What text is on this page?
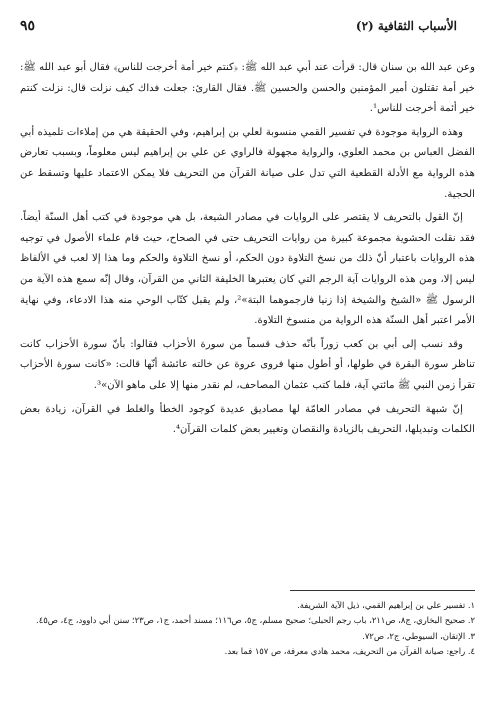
الأسباب الثقافية (٢)
٩٥

وعن عبد الله بن سنان قال: قرأت عند أبي عبد الله ﷺ: ﴿كنتم خير أمة أخرجت للناس﴾ فقال أبو عبد الله ﷺ: خير أمة تقتلون أمير المؤمنين والحسن والحسين ﷺ. فقال القارئ: جعلت فداك كيف نزلت قال: نزلت كنتم خير أئمة أخرجت للناس¹.

وهذه الرواية موجودة في تفسير القمي منسوبة لعلي بن إبراهيم، وفي الحقيقة هي من إملاءات تلميذه أبي الفضل العباس بن محمد العلوي، والرواية مجهولة فالراوي عن علي بن إبراهيم ليس معلوماً، وبسبب تعارض هذه الرواية مع الأدلة القطعية التي تدل على صيانة القرآن من التحريف فلا يمكن الاعتماد عليها وتسقط عن الحجية.

إنّ القول بالتحريف لا يقتصر على الروايات في مصادر الشيعة، بل هي موجودة في كتب أهل السنّة أيضاً. فقد نقلت الحشوية مجموعة كبيرة من روايات التحريف حتى في الصحاح، حيث قام علماء الأصول في توجيه هذه الروايات باعتبار أنّ ذلك من نسخ التلاوة دون الحكم، أو نسخ التلاوة والحكم وما هذا إلا لعب في الألفاظ ليس إلا، ومن هذه الروايات آية الرجم التي كان يعتبرها الخليفة الثاني من القرآن، وقال إنّه سمع هذه الآية من الرسول ﷺ «الشيخ والشيخة إذا زنيا فارجموهما البتة»²، ولم يقبل كتّاب الوحي منه هذا الادعاء، وفي نهاية الأمر اعتبر أهل السنّة هذه الرواية من منسوخ التلاوة.

وقد نسب إلى أبي بن كعب زوراً بأنّه حذف قسماً من سورة الأحزاب فقالوا: بأنّ سورة الأحزاب كانت تناظر سورة البقرة في طولها، أو أطول منها فروى عروة عن خالته عائشة أنّها قالت: «كانت سورة الأحزاب تقرأ زمن النبي ﷺ مائتي آية، فلما كتب عثمان المصاحف، لم نقدر منها إلا على ماهو الآن»³.

إنّ شبهة التحريف في مصادر العامّة لها مصاديق عديدة كوجود الخطأ والغلط في القرآن، زيادة بعض الكلمات وتبديلها، التحريف بالزيادة والنقصان وتغيير بعض كلمات القرآن⁴.

١. تفسير علي بن إبراهيم القمي، ذيل الآية الشريفة.
٢. صحيح البخاري، ج٨، ص٢١١، باب رجم الحبلى؛ صحيح مسلم، ج٥، ص١١٦؛ مسند أحمد، ج١، ص٢٣؛ سنن أبي داوود، ج٤، ص٤٥.
٣. الإتقان، السيوطي، ج٢، ص٧٢.
٤. راجع: صيانة القرآن من التحريف، محمد هادي معرفة، ص ١٥٧ فما بعد.
